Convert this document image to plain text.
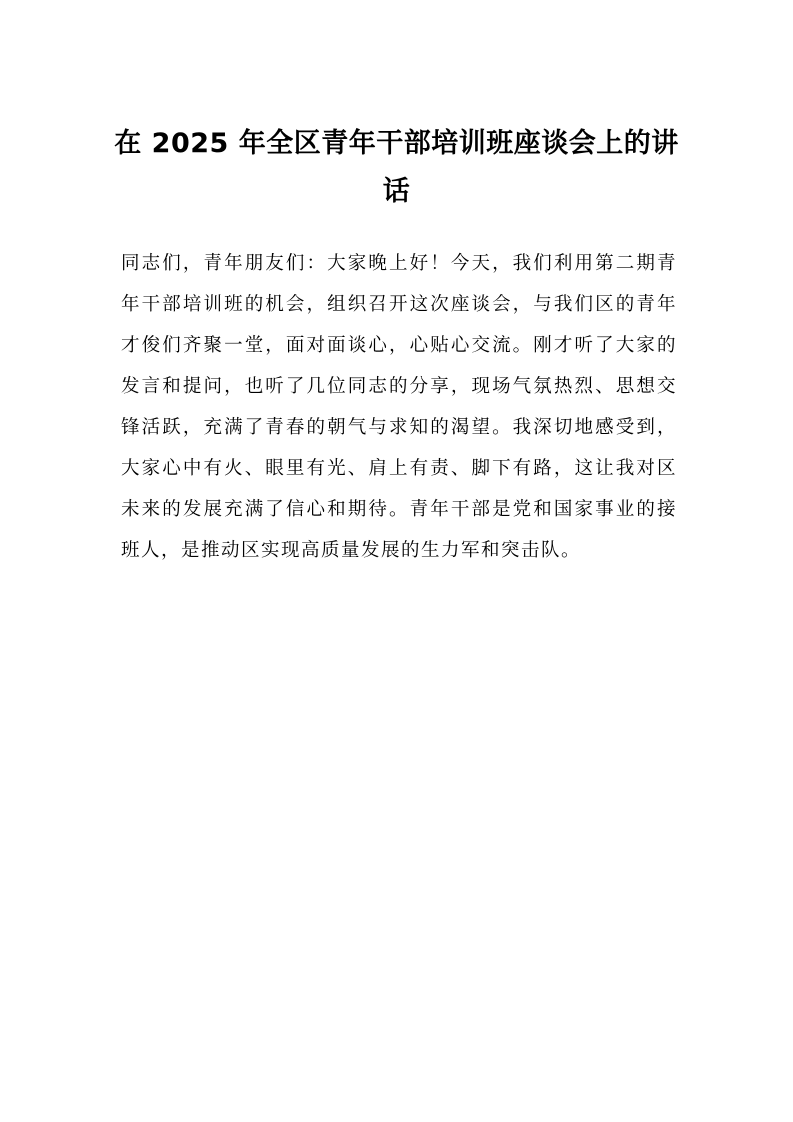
在 2025 年全区青年干部培训班座谈会上的讲话

同志们，青年朋友们：大家晚上好！今天，我们利用第二期青年干部培训班的机会，组织召开这次座谈会，与我们区的青年才俊们齐聚一堂，面对面谈心，心贴心交流。刚才听了大家的发言和提问，也听了几位同志的分享，现场气氛热烈、思想交锋活跃，充满了青春的朝气与求知的渴望。我深切地感受到，大家心中有火、眼里有光、肩上有责、脚下有路，这让我对区未来的发展充满了信心和期待。青年干部是党和国家事业的接班人，是推动区实现高质量发展的生力军和突击队。
